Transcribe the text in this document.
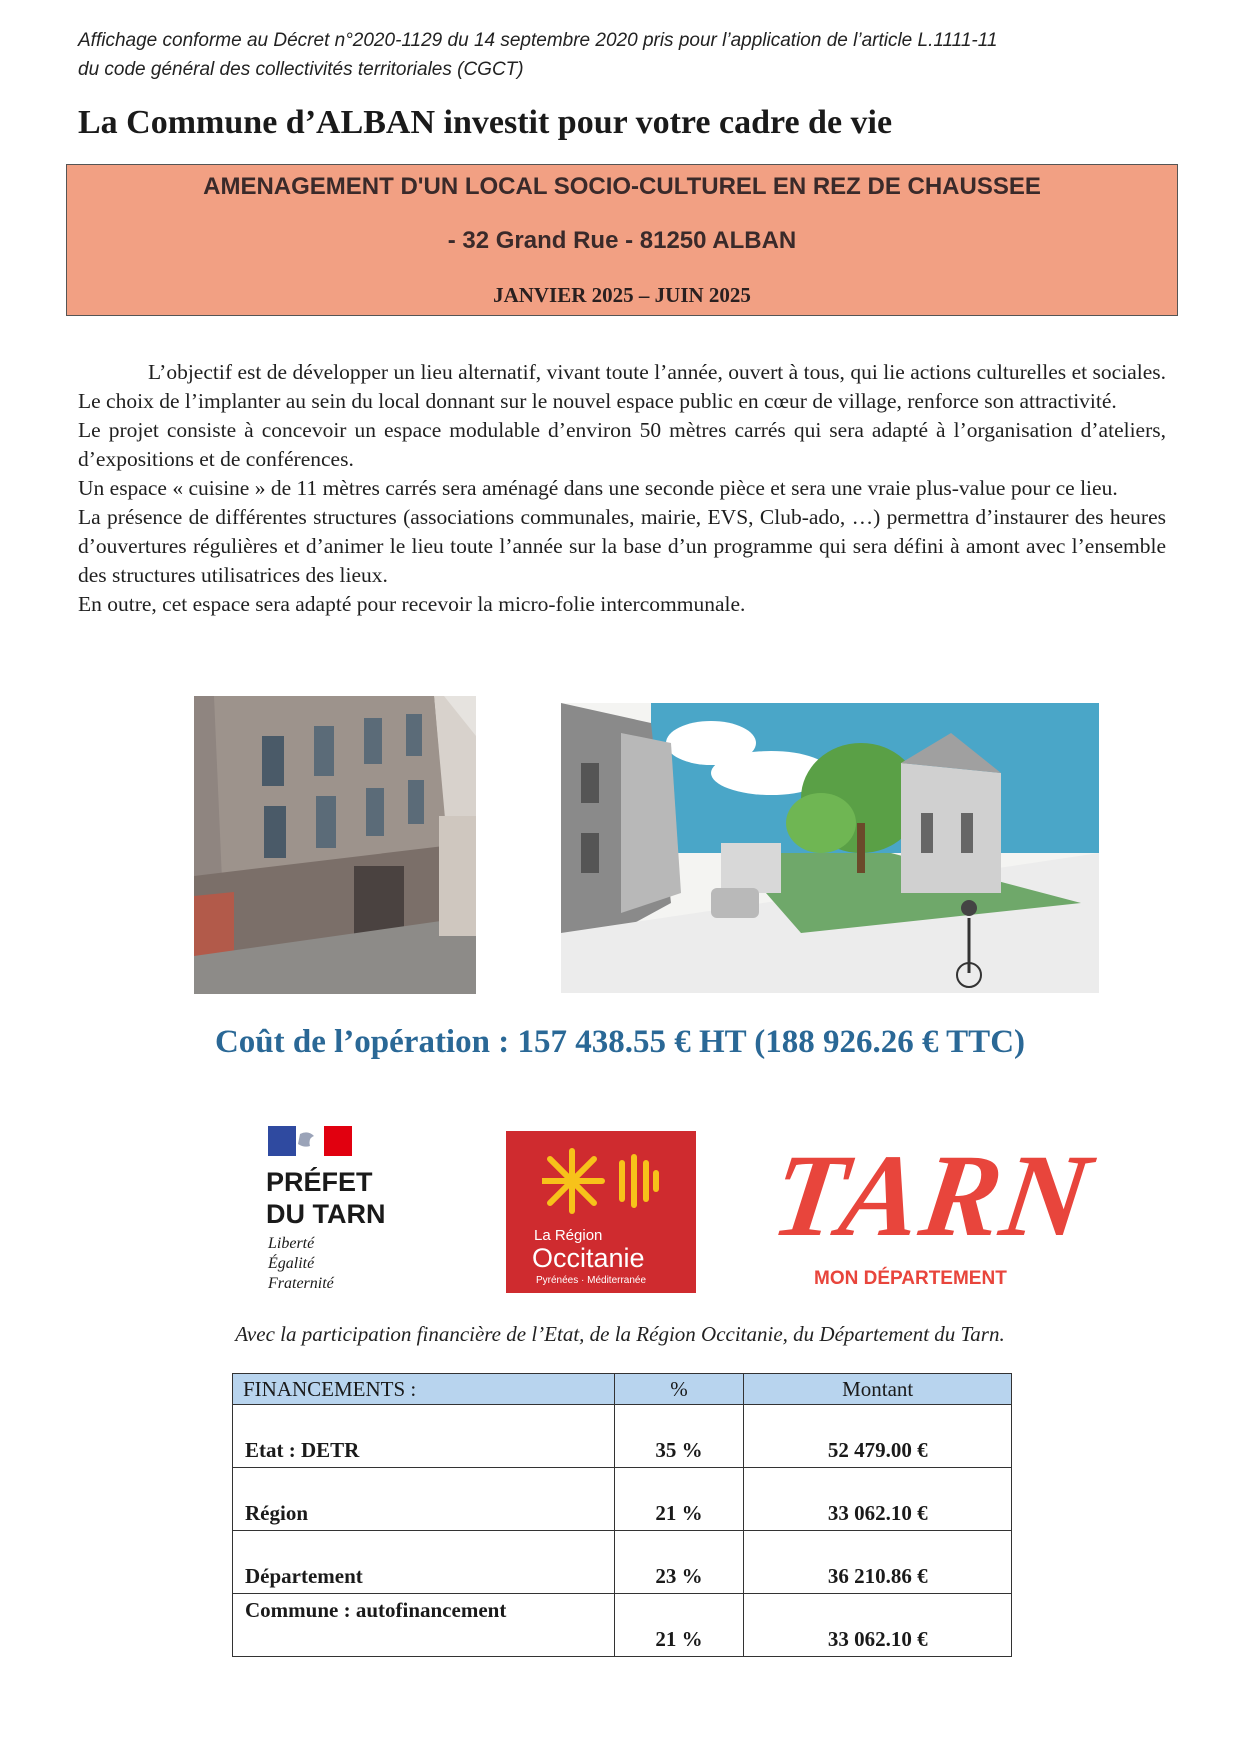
Affichage conforme au Décret n°2020-1129 du 14 septembre 2020 pris pour l’application de l’article L.1111-11
du code général des collectivités territoriales (CGCT)
La Commune d’ALBAN investit pour votre cadre de vie
AMENAGEMENT D'UN LOCAL SOCIO-CULTUREL EN REZ DE CHAUSSEE
- 32 Grand Rue - 81250 ALBAN
JANVIER 2025 – JUIN 2025

L’objectif est de développer un lieu alternatif, vivant toute l’année, ouvert à tous, qui lie actions culturelles et sociales. Le choix de l’implanter au sein du local donnant sur le nouvel espace public en cœur de village, renforce son attractivité.

Le projet consiste à concevoir un espace modulable d’environ 50 mètres carrés qui sera adapté à l’organisation d’ateliers, d’expositions et de conférences.

Un espace « cuisine » de 11 mètres carrés sera aménagé dans une seconde pièce et sera une vraie plus-value pour ce lieu.

La présence de différentes structures (associations communales, mairie, EVS, Club-ado, …) permettra d’instaurer des heures d’ouvertures régulières et d’animer le lieu toute l’année sur la base d’un programme qui sera défini à amont avec l’ensemble des structures utilisatrices des lieux.

En outre, cet espace sera adapté pour recevoir la micro-folie intercommunale.

Coût de l’opération : 157 438.55 € HT (188 926.26 € TTC)
PRÉFET
DU TARN
Liberté
Égalité
Fraternité
La Région
Occitanie
Pyrénées · Méditerranée
TARN
MON DÉPARTEMENT
Avec la participation financière de l’Etat, de la Région Occitanie, du Département du Tarn.
FINANCEMENTS :	%	Montant
Etat : DETR	35 %	52 479.00 €
Région	21 %	33 062.10 €
Département	23 %	36 210.86 €
Commune : autofinancement	21 %	33 062.10 €
